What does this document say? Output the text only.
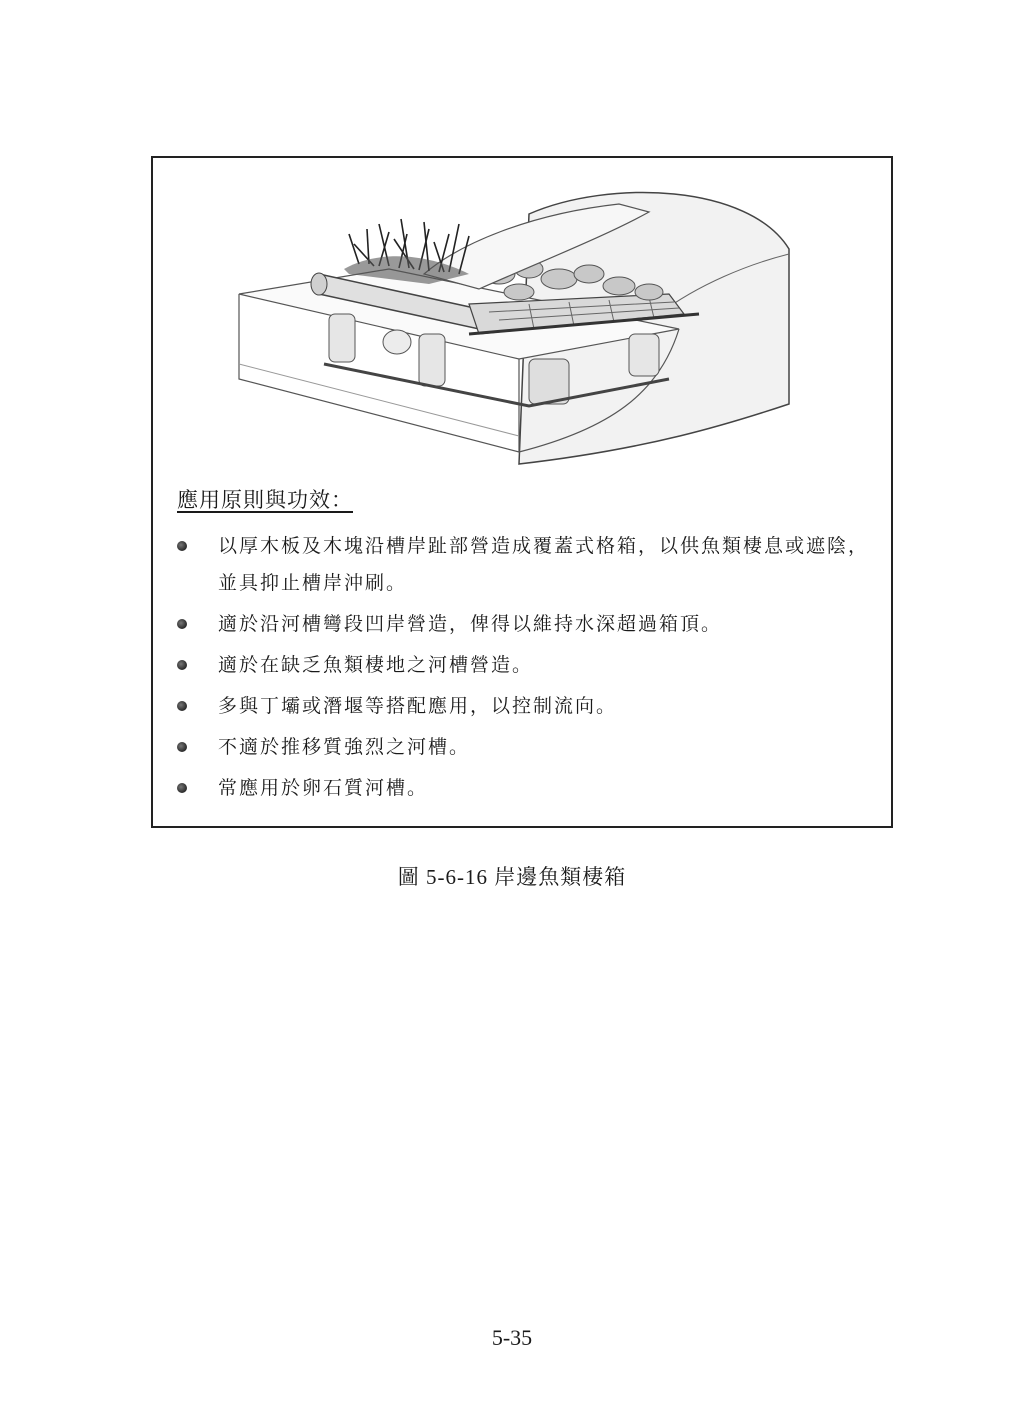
應用原則與功效：
以厚木板及木塊沿槽岸趾部營造成覆蓋式格箱，以供魚類棲息或遮陰，並具抑止槽岸沖刷。
適於沿河槽彎段凹岸營造，俾得以維持水深超過箱頂。
適於在缺乏魚類棲地之河槽營造。
多與丁壩或潛堰等搭配應用，以控制流向。
不適於推移質強烈之河槽。
常應用於卵石質河槽。
圖 5-6-16 岸邊魚類棲箱
5-35
